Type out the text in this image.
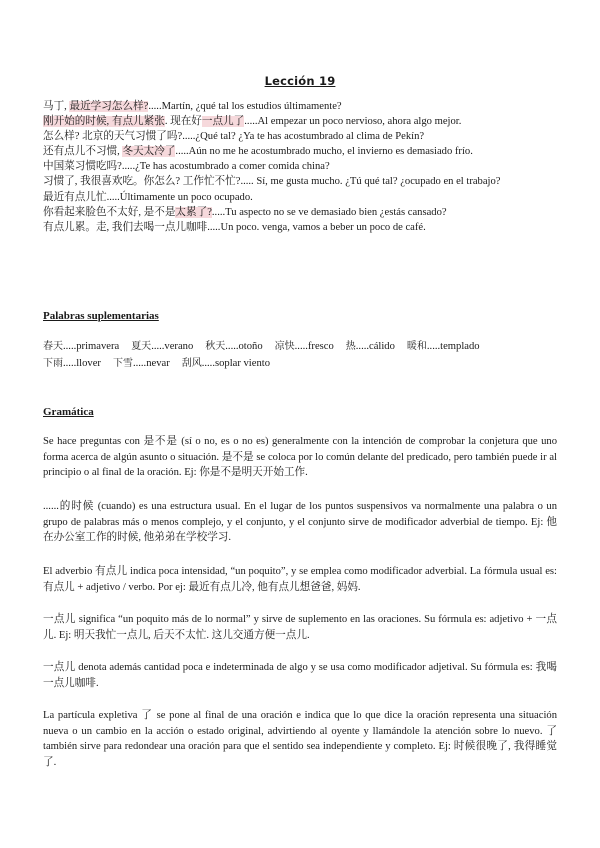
Lección 19
马丁, 最近学习怎么样?.....Martín, ¿qué tal los estudios últimamente?
刚开始的时候, 有点儿紧张. 现在好一点儿了.....Al empezar un poco nervioso, ahora algo mejor.
怎么样? 北京的天气习惯了吗?.....¿Qué tal? ¿Ya te has acostumbrado al clima de Pekín?
还有点儿不习惯, 冬天太冷了.....Aún no me he acostumbrado mucho, el invierno es demasiado frío.
中国菜习惯吃吗?.....¿Te has acostumbrado a comer comida china?
习惯了, 我很喜欢吃。你怎么? 工作忙不忙?..... Sí, me gusta mucho. ¿Tú qué tal? ¿ocupado en el trabajo?
最近有点儿忙.....Últimamente un poco ocupado.
你看起来脸色不太好, 是不是太累了?.....Tu aspecto no se ve demasiado bien ¿estás cansado?
有点儿累。走, 我们去喝一点儿咖啡.....Un poco. venga, vamos a beber un poco de café.
Palabras suplementarias
春天.....primavera 夏天.....verano 秋天.....otoño 凉快.....fresco 热.....cálido 暖和.....templado
下雨.....llover 下雪.....nevar 刮风.....soplar viento
Gramática
Se hace preguntas con 是不是 (sí o no, es o no es) generalmente con la intención de comprobar la conjetura que uno forma acerca de algún asunto o situación. 是不是 se coloca por lo común delante del predicado, pero también puede ir al principio o al final de la oración. Ej: 你是不是明天开始工作.
......的时候 (cuando) es una estructura usual. En el lugar de los puntos suspensivos va normalmente una palabra o un grupo de palabras más o menos complejo, y el conjunto, y el conjunto sirve de modificador adverbial de tiempo. Ej: 他在办公室工作的时候, 他弟弟在学校学习.
El adverbio 有点儿 indica poca intensidad, “un poquito”, y se emplea como modificador adverbial. La fórmula usual es: 有点儿 + adjetivo / verbo. Por ej: 最近有点儿冷, 他有点儿想爸爸, 妈妈.
一点儿 significa “un poquito más de lo normal” y sirve de suplemento en las oraciones. Su fórmula es: adjetivo + 一点儿. Ej: 明天我忙一点儿, 后天不太忙. 这儿交通方便一点儿.
一点儿 denota además cantidad poca e indeterminada de algo y se usa como modificador adjetival. Su fórmula es: 我喝一点儿咖啡.
La partícula expletiva 了 se pone al final de una oración e indica que lo que dice la oración representa una situación nueva o un cambio en la acción o estado original, advirtiendo al oyente y llamándole la atención sobre lo nuevo. 了 también sirve para redondear una oración para que el sentido sea independiente y completo. Ej: 时候很晚了, 我得睡觉了.
